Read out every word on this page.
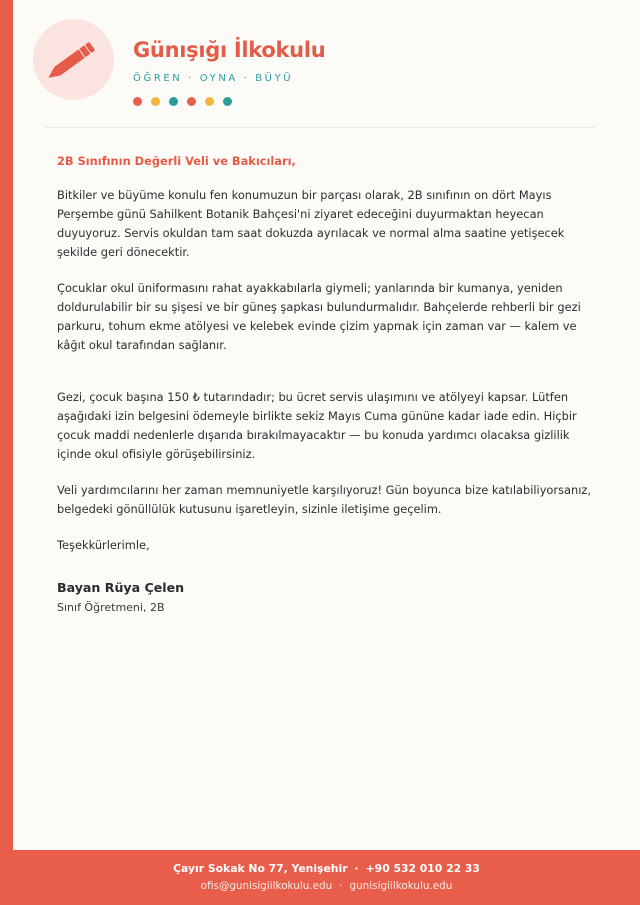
Günışığı İlkokulu
ÖĞREN · OYNA · BÜYÜ
2B Sınıfının Değerli Veli ve Bakıcıları,

Bitkiler ve büyüme konulu fen konumuzun bir parçası olarak, 2B sınıfının on dört Mayıs Perşembe günü Sahilkent Botanik Bahçesi'ni ziyaret edeceğini duyurmaktan heyecan duyuyoruz. Servis okuldan tam saat dokuzda ayrılacak ve normal alma saatine yetişecek şekilde geri dönecektir.

Çocuklar okul üniformasını rahat ayakkabılarla giymeli; yanlarında bir kumanya, yeniden doldurulabilir bir su şişesi ve bir güneş şapkası bulundurmalıdır. Bahçelerde rehberli bir gezi parkuru, tohum ekme atölyesi ve kelebek evinde çizim yapmak için zaman var — kalem ve kâğıt okul tarafından sağlanır.

Gezi, çocuk başına 150 ₺ tutarındadır; bu ücret servis ulaşımını ve atölyeyi kapsar. Lütfen aşağıdaki izin belgesini ödemeyle birlikte sekiz Mayıs Cuma gününe kadar iade edin. Hiçbir çocuk maddi nedenlerle dışarıda bırakılmayacaktır — bu konuda yardımcı olacaksa gizlilik içinde okul ofisiyle görüşebilirsiniz.

Veli yardımcılarını her zaman memnuniyetle karşılıyoruz! Gün boyunca bize katılabiliyorsanız, belgedeki gönüllülük kutusunu işaretleyin, sizinle iletişime geçelim.

Teşekkürlerimle,
Bayan Rüya Çelen
Sınıf Öğretmeni, 2B
Çayır Sokak No 77, Yenişehir · +90 532 010 22 33
ofis@gunisigiilkokulu.edu · gunisigiilkokulu.edu
